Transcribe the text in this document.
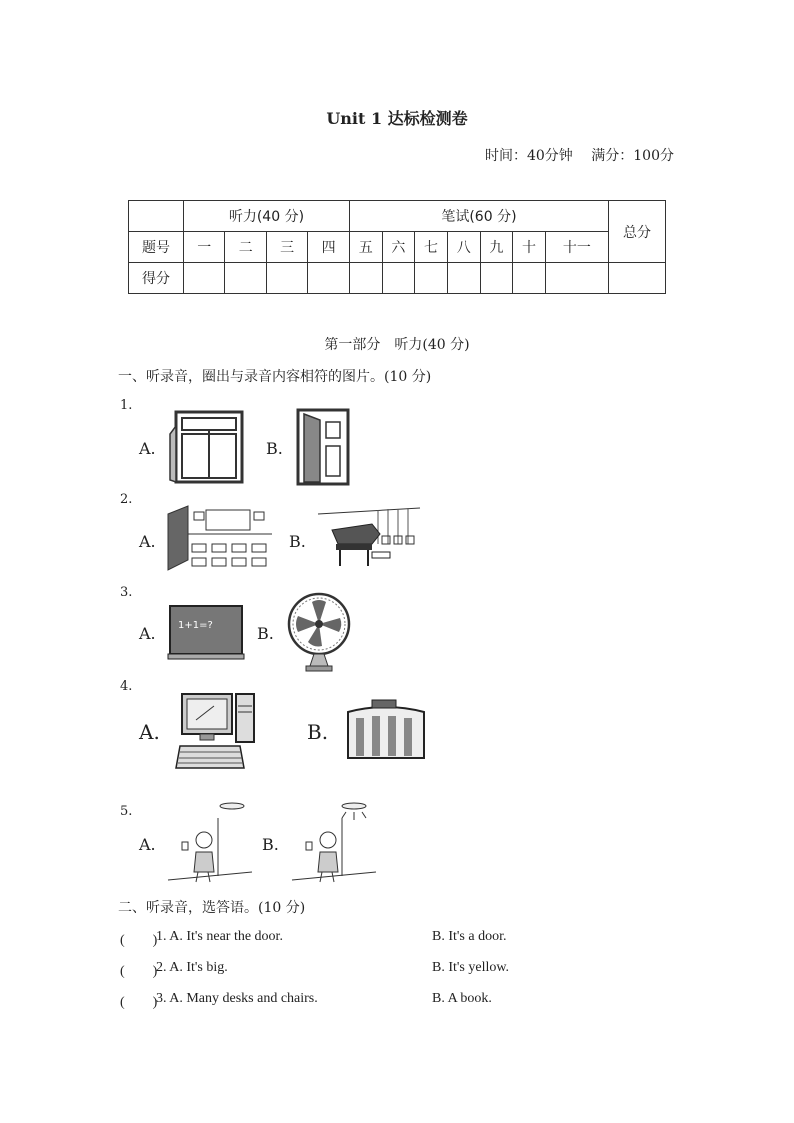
Unit 1 达标检测卷
时间：40分钟 满分：100分
	听力(40 分)				笔试(60 分)							总分
题号	一	二	三	四	五	六	七	八	九	十	十一	
得分												
第一部分　听力(40 分)
一、听录音，圈出与录音内容相符的图片。(10 分)
1.
A.	B.
2.
A.	B.
3.
A. 1+1=?	B.
4.
A.	B.
5.
A.	B.
二、听录音，选答语。(10 分)
(　　)
1. A. It's near the door.	B. It's a door.
(　　)
2. A. It's big.	B. It's yellow.
(　　)
3. A. Many desks and chairs.	B. A book.
